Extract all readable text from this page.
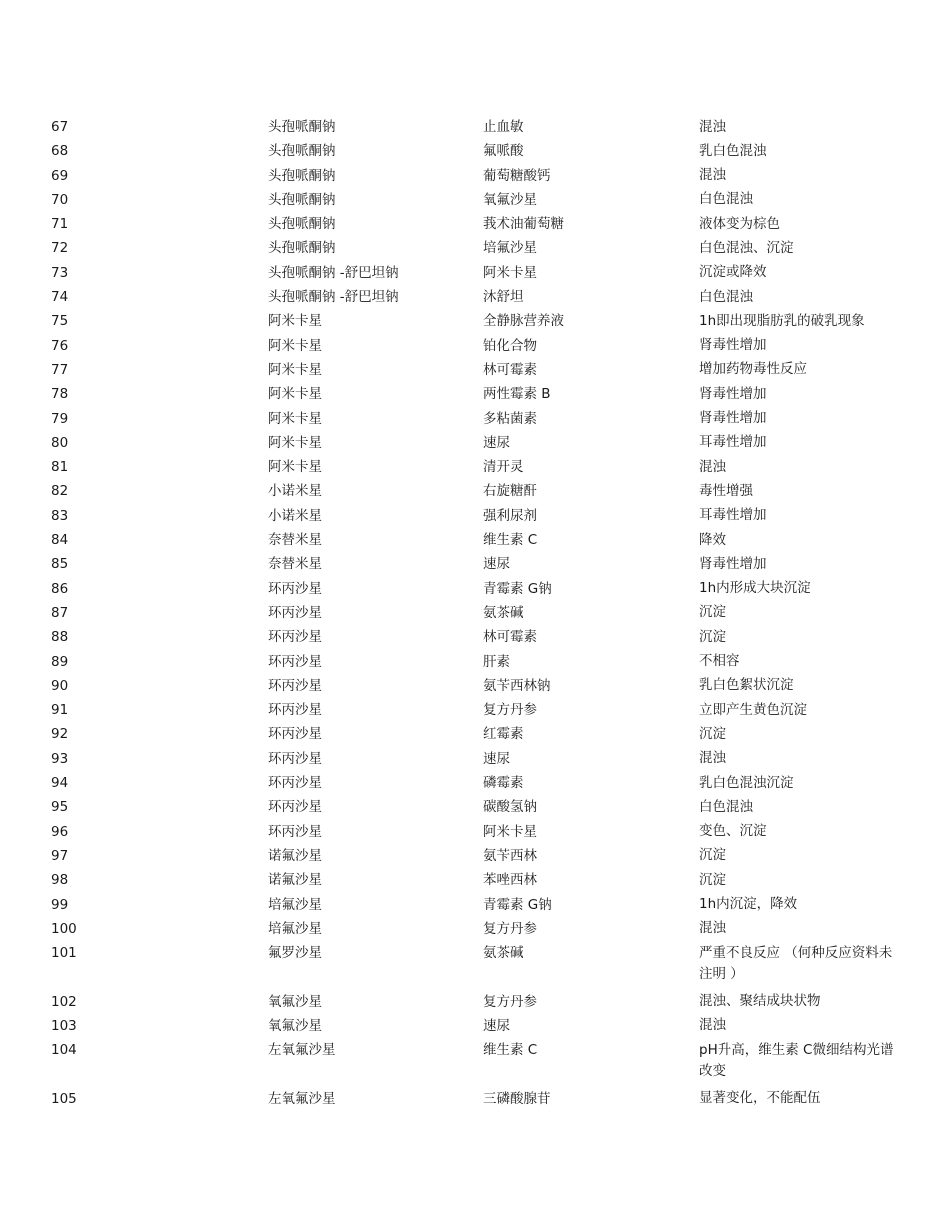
67	头孢哌酮钠	止血敏	混浊
68	头孢哌酮钠	氟哌酸	乳白色混浊
69	头孢哌酮钠	葡萄糖酸钙	混浊
70	头孢哌酮钠	氧氟沙星	白色混浊
71	头孢哌酮钠	莪术油葡萄糖	液体变为棕色
72	头孢哌酮钠	培氟沙星	白色混浊、沉淀
73	头孢哌酮钠 -舒巴坦钠	阿米卡星	沉淀或降效
74	头孢哌酮钠 -舒巴坦钠	沐舒坦	白色混浊
75	阿米卡星	全静脉营养液	1h即出现脂肪乳的破乳现象
76	阿米卡星	铂化合物	肾毒性增加
77	阿米卡星	林可霉素	增加药物毒性反应
78	阿米卡星	两性霉素 B	肾毒性增加
79	阿米卡星	多粘菌素	肾毒性增加
80	阿米卡星	速尿	耳毒性增加
81	阿米卡星	清开灵	混浊
82	小诺米星	右旋糖酐	毒性增强
83	小诺米星	强利尿剂	耳毒性增加
84	奈替米星	维生素 C	降效
85	奈替米星	速尿	肾毒性增加
86	环丙沙星	青霉素 G钠	1h内形成大块沉淀
87	环丙沙星	氨茶碱	沉淀
88	环丙沙星	林可霉素	沉淀
89	环丙沙星	肝素	不相容
90	环丙沙星	氨苄西林钠	乳白色絮状沉淀
91	环丙沙星	复方丹参	立即产生黄色沉淀
92	环丙沙星	红霉素	沉淀
93	环丙沙星	速尿	混浊
94	环丙沙星	磷霉素	乳白色混浊沉淀
95	环丙沙星	碳酸氢钠	白色混浊
96	环丙沙星	阿米卡星	变色、沉淀
97	诺氟沙星	氨苄西林	沉淀
98	诺氟沙星	苯唑西林	沉淀
99	培氟沙星	青霉素 G钠	1h内沉淀，降效
100	培氟沙星	复方丹参	混浊
101	氟罗沙星	氨茶碱	严重不良反应 （何种反应资料未注明 ）
102	氧氟沙星	复方丹参	混浊、聚结成块状物
103	氧氟沙星	速尿	混浊
104	左氧氟沙星	维生素 C	pH升高，维生素 C微细结构光谱改变
105	左氧氟沙星	三磷酸腺苷	显著变化，不能配伍
